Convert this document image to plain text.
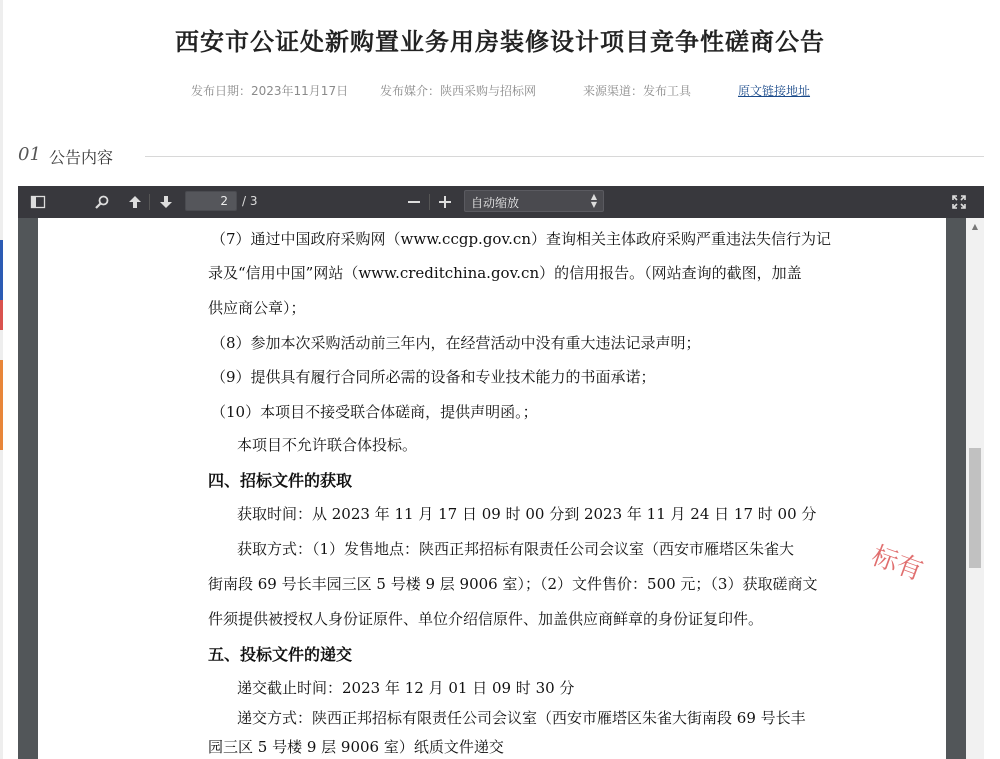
西安市公证处新购置业务用房装修设计项目竞争性磋商公告
发布日期：2023年11月17日	发布媒介：陕西采购与招标网	来源渠道：发布工具	原文链接地址
01 公告内容
2	/ 3	自动缩放	▲
▼
（7）通过中国政府采购网（www.ccgp.gov.cn）查询相关主体政府采购严重违法失信行为记
录及“信用中国”网站（www.creditchina.gov.cn）的信用报告。（网站查询的截图，加盖
供应商公章）；
（8）参加本次采购活动前三年内，在经营活动中没有重大违法记录声明；
（9）提供具有履行合同所必需的设备和专业技术能力的书面承诺；
（10）本项目不接受联合体磋商，提供声明函。；
本项目不允许联合体投标。
四、招标文件的获取
获取时间：从 2023 年 11 月 17 日 09 时 00 分到 2023 年 11 月 24 日 17 时 00 分
获取方式：（1）发售地点：陕西正邦招标有限责任公司会议室（西安市雁塔区朱雀大
街南段 69 号长丰园三区 5 号楼 9 层 9006 室）；（2）文件售价：500 元；（3）获取磋商文
件须提供被授权人身份证原件、单位介绍信原件、加盖供应商鲜章的身份证复印件。
五、投标文件的递交
递交截止时间：2023 年 12 月 01 日 09 时 30 分
递交方式：陕西正邦招标有限责任公司会议室（西安市雁塔区朱雀大街南段 69 号长丰
园三区 5 号楼 9 层 9006 室）纸质文件递交
标有
▲
